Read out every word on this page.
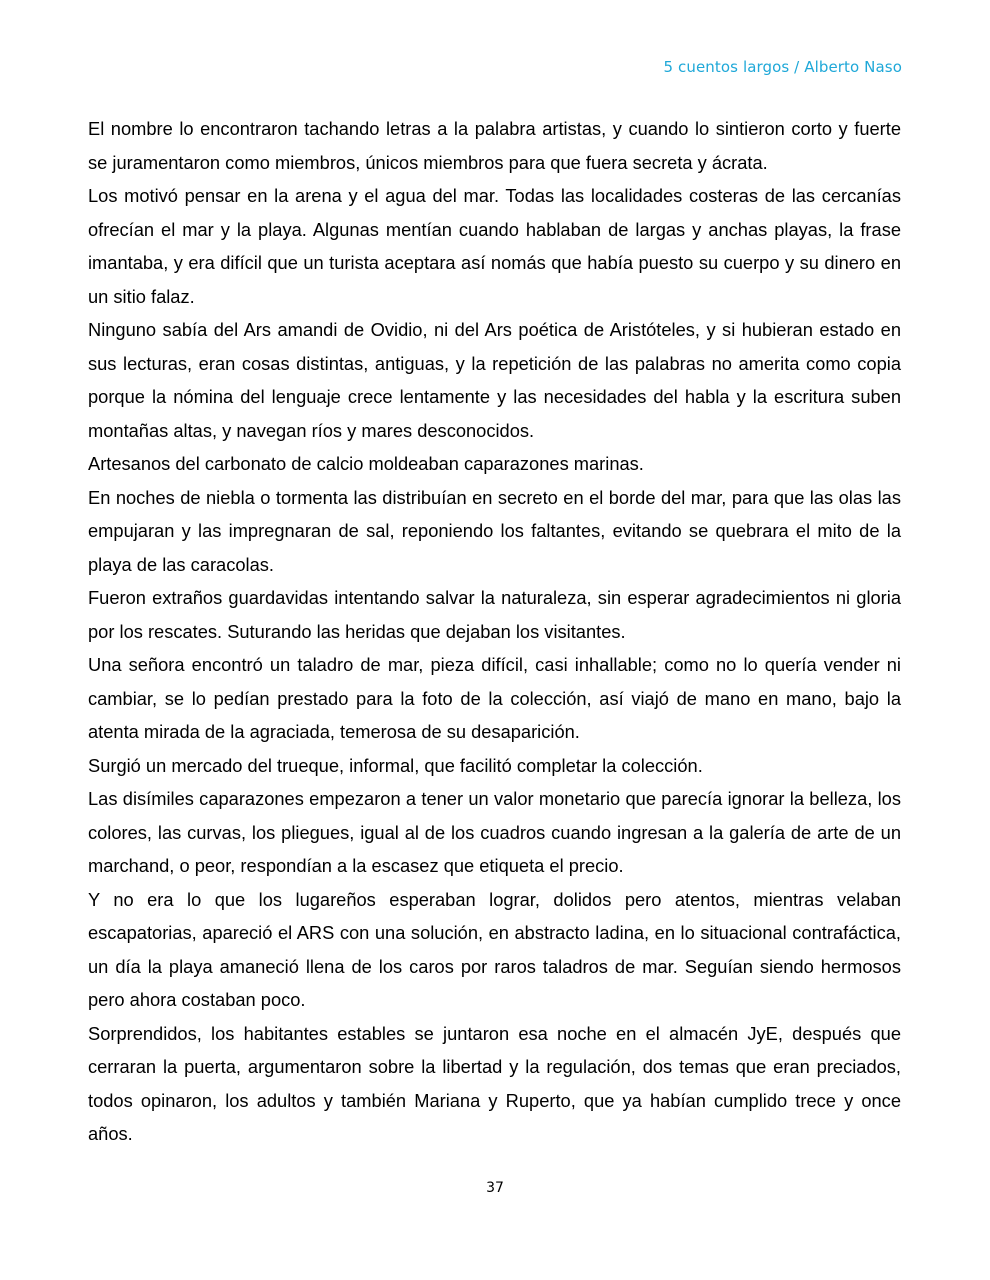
5 cuentos largos / Alberto Naso

El nombre lo encontraron tachando letras a la palabra artistas, y cuando lo sintieron corto y fuerte se juramentaron como miembros, únicos miembros para que fuera secreta y ácrata.

Los motivó pensar en la arena y el agua del mar. Todas las localidades costeras de las cercanías ofrecían el mar y la playa. Algunas mentían cuando hablaban de largas y anchas playas, la frase imantaba, y era difícil que un turista aceptara así nomás que había puesto su cuerpo y su dinero en un sitio falaz.

Ninguno sabía del Ars amandi de Ovidio, ni del Ars poética de Aristóteles, y si hubieran estado en sus lecturas, eran cosas distintas, antiguas, y la repetición de las palabras no amerita como copia porque la nómina del lenguaje crece lentamente y las necesidades del habla y la escritura suben montañas altas, y navegan ríos y mares desconocidos.

Artesanos del carbonato de calcio moldeaban caparazones marinas.

En noches de niebla o tormenta las distribuían en secreto en el borde del mar, para que las olas las empujaran y las impregnaran de sal, reponiendo los faltantes, evitando se quebrara el mito de la playa de las caracolas.

Fueron extraños guardavidas intentando salvar la naturaleza, sin esperar agradecimientos ni gloria por los rescates. Suturando las heridas que dejaban los visitantes.

Una señora encontró un taladro de mar, pieza difícil, casi inhallable; como no lo quería vender ni cambiar, se lo pedían prestado para la foto de la colección, así viajó de mano en mano, bajo la atenta mirada de la agraciada, temerosa de su desaparición.

Surgió un mercado del trueque, informal, que facilitó completar la colección.

Las disímiles caparazones empezaron a tener un valor monetario que parecía ignorar la belleza, los colores, las curvas, los pliegues, igual al de los cuadros cuando ingresan a la galería de arte de un marchand, o peor, respondían a la escasez que etiqueta el precio.

Y no era lo que los lugareños esperaban lograr, dolidos pero atentos, mientras velaban escapatorias, apareció el ARS con una solución, en abstracto ladina, en lo situacional contrafáctica, un día la playa amaneció llena de los caros por raros taladros de mar. Seguían siendo hermosos pero ahora costaban poco.

Sorprendidos, los habitantes estables se juntaron esa noche en el almacén JyE, después que cerraran la puerta, argumentaron sobre la libertad y la regulación, dos temas que eran preciados, todos opinaron, los adultos y también Mariana y Ruperto, que ya habían cumplido trece y once años.

37
